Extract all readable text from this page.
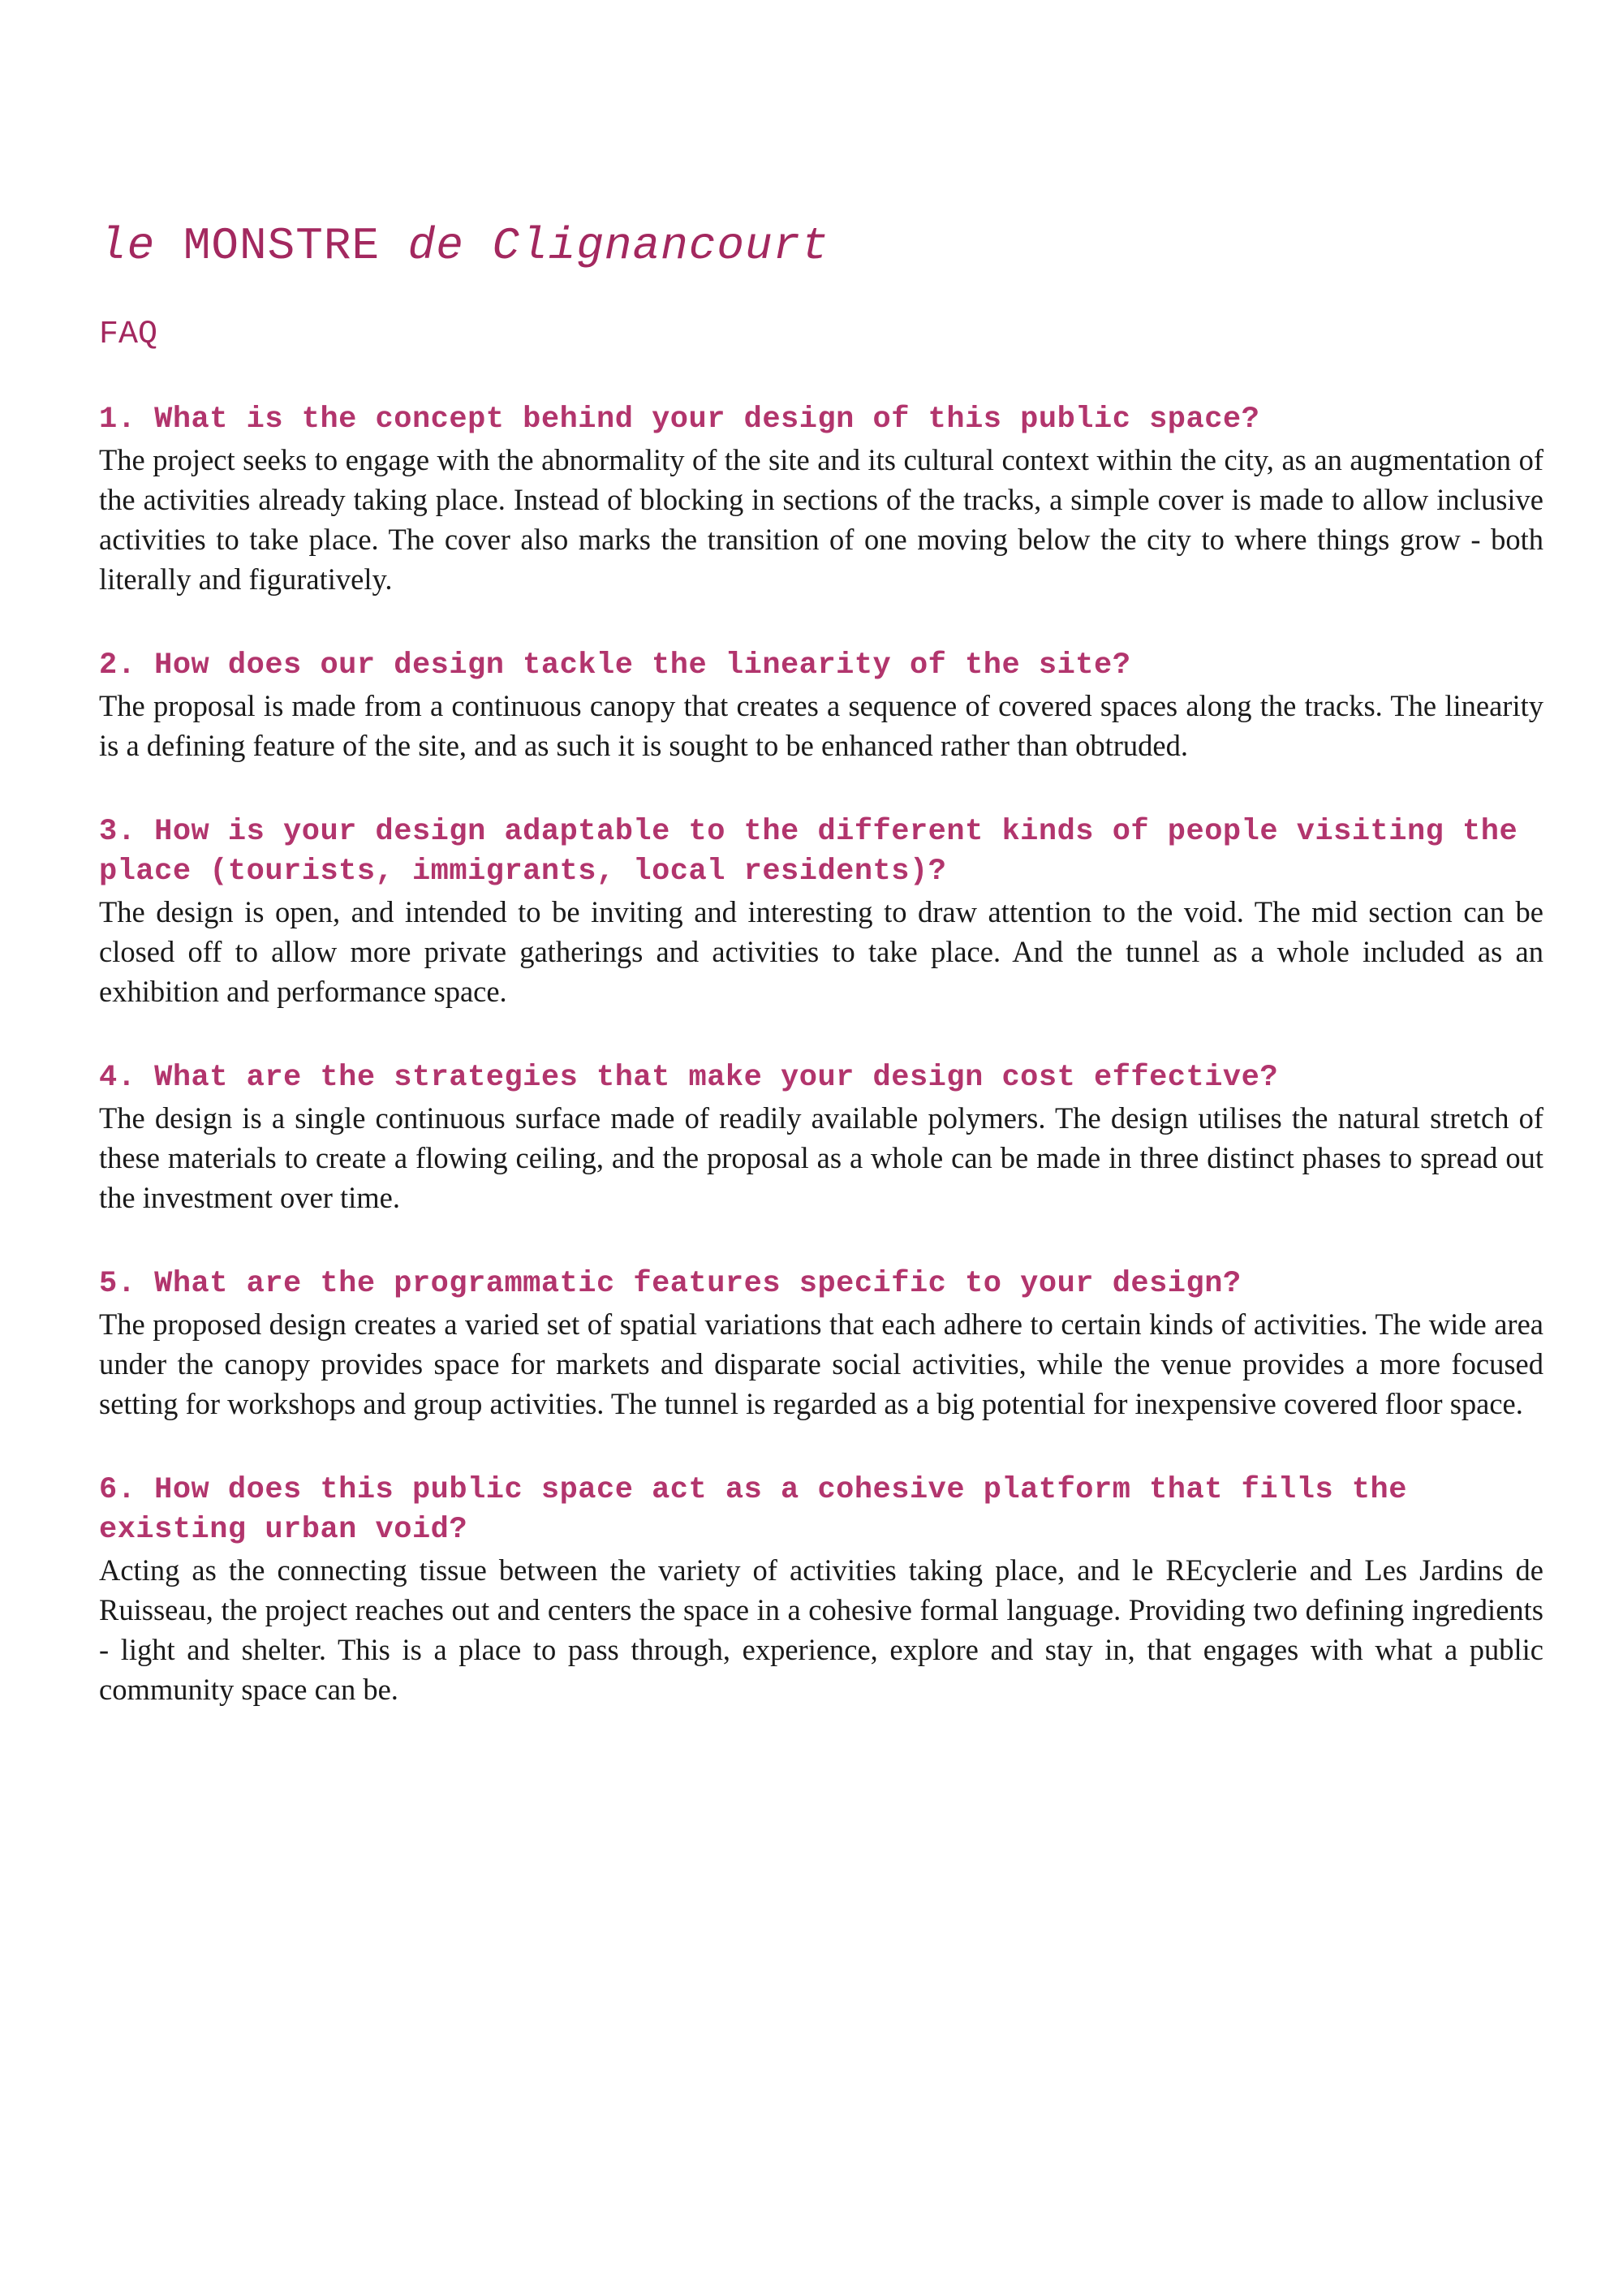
le MONSTRE de Clignancourt
FAQ

1. What is the concept behind your design of this public space?

The project seeks to engage with the abnormality of the site and its cultural context within the city, as an augmentation of the activities already taking place. Instead of blocking in sections of the tracks, a simple cover is made to allow inclusive activities to take place. The cover also marks the transition of one moving below the city to where things grow - both literally and figuratively.

2. How does our design tackle the linearity of the site?

The proposal is made from a continuous canopy that creates a sequence of covered spaces along the tracks. The linearity is a defining feature of the site, and as such it is sought to be enhanced rather than obtruded.

3. How is your design adaptable to the different kinds of people visiting the place (tourists, immigrants, local residents)?

The design is open, and intended to be inviting and interesting to draw attention to the void. The mid section can be closed off to allow more private gatherings and activities to take place. And the tunnel as a whole included as an exhibition and performance space.

4. What are the strategies that make your design cost effective?

The design is a single continuous surface made of readily available polymers. The design utilises the natural stretch of these materials to create a flowing ceiling, and the proposal as a whole can be made in three distinct phases to spread out the investment over time.

5. What are the programmatic features specific to your design?

The proposed design creates a varied set of spatial variations that each adhere to certain kinds of activities. The wide area under the canopy provides space for markets and disparate social activities, while the venue provides a more focused setting for workshops and group activities. The tunnel is regarded as a big potential for inexpensive covered floor space.

6. How does this public space act as a cohesive platform that fills the existing urban void?

Acting as the connecting tissue between the variety of activities taking place, and le REcyclerie and Les Jardins de Ruisseau, the project reaches out and centers the space in a cohesive formal language. Providing two defining ingredients - light and shelter. This is a place to pass through, experience, explore and stay in, that engages with what a public community space can be.
